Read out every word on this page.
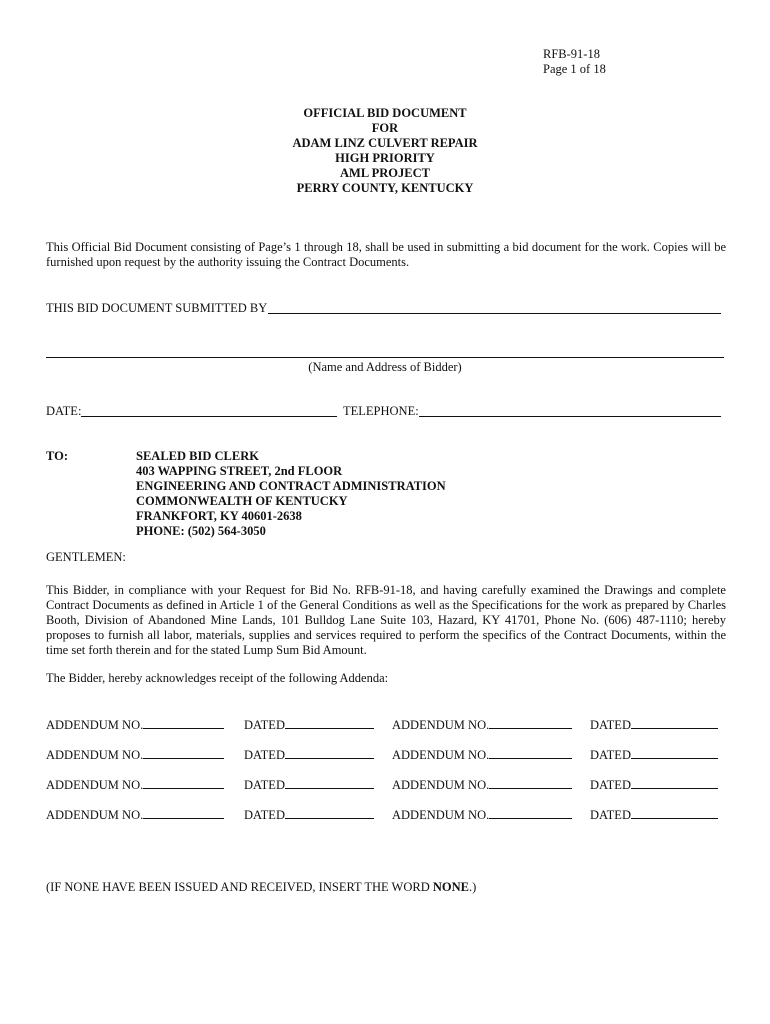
RFB-91-18
Page 1 of 18
OFFICIAL BID DOCUMENT
FOR
ADAM LINZ CULVERT REPAIR
HIGH PRIORITY
AML PROJECT
PERRY COUNTY, KENTUCKY
This Official Bid Document consisting of Page’s 1 through 18, shall be used in submitting a bid document for the work. Copies will be furnished upon request by the authority issuing the Contract Documents.
THIS BID DOCUMENT SUBMITTED BY
(Name and Address of Bidder)
DATE:	TELEPHONE:
TO:	SEALED BID CLERK
403 WAPPING STREET, 2nd FLOOR
ENGINEERING AND CONTRACT ADMINISTRATION
COMMONWEALTH OF KENTUCKY
FRANKFORT, KY 40601-2638
PHONE: (502) 564-3050
GENTLEMEN:
This Bidder, in compliance with your Request for Bid No. RFB-91-18, and having carefully examined the Drawings and complete Contract Documents as defined in Article 1 of the General Conditions as well as the Specifications for the work as prepared by Charles Booth, Division of Abandoned Mine Lands, 101 Bulldog Lane Suite 103, Hazard, KY 41701, Phone No. (606) 487-1110; hereby proposes to furnish all labor, materials, supplies and services required to perform the specifics of the Contract Documents, within the time set forth therein and for the stated Lump Sum Bid Amount.
The Bidder, hereby acknowledges receipt of the following Addenda:
ADDENDUM NO.	DATED	ADDENDUM NO.	DATED
ADDENDUM NO.	DATED	ADDENDUM NO.	DATED
ADDENDUM NO.	DATED	ADDENDUM NO.	DATED
ADDENDUM NO.	DATED	ADDENDUM NO.	DATED
(IF NONE HAVE BEEN ISSUED AND RECEIVED, INSERT THE WORD NONE.)
